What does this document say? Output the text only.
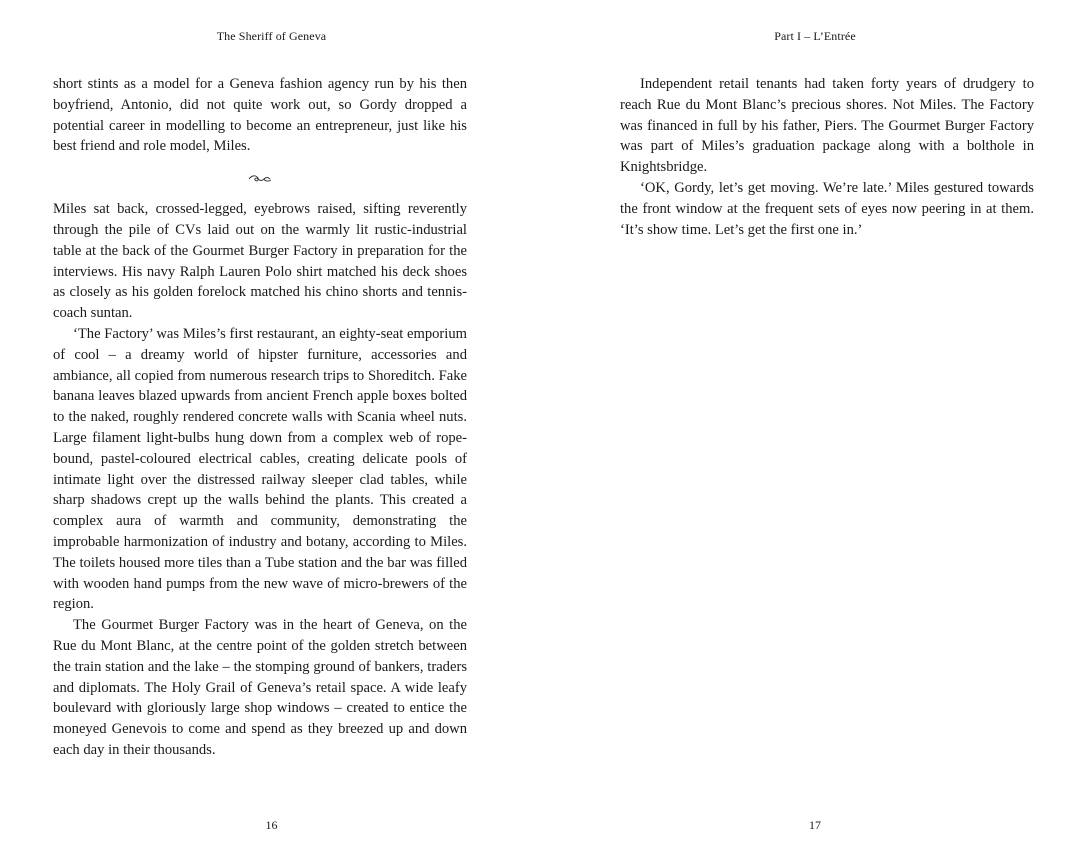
The Sheriff of Geneva

short stints as a model for a Geneva fashion agency run by his then boyfriend, Antonio, did not quite work out, so Gordy dropped a potential career in modelling to become an entrepreneur, just like his best friend and role model, Miles.

Miles sat back, crossed-legged, eyebrows raised, sifting reverently through the pile of CVs laid out on the warmly lit rustic-industrial table at the back of the Gourmet Burger Factory in preparation for the interviews. His navy Ralph Lauren Polo shirt matched his deck shoes as closely as his golden forelock matched his chino shorts and tennis-coach suntan.

‘The Factory’ was Miles’s first restaurant, an eighty-seat emporium of cool – a dreamy world of hipster furniture, accessories and ambiance, all copied from numerous research trips to Shoreditch. Fake banana leaves blazed upwards from ancient French apple boxes bolted to the naked, roughly rendered concrete walls with Scania wheel nuts. Large filament light-bulbs hung down from a complex web of rope-bound, pastel-coloured electrical cables, creating delicate pools of intimate light over the distressed railway sleeper clad tables, while sharp shadows crept up the walls behind the plants. This created a complex aura of warmth and community, demonstrating the improbable harmonization of industry and botany, according to Miles. The toilets housed more tiles than a Tube station and the bar was filled with wooden hand pumps from the new wave of micro-brewers of the region.

The Gourmet Burger Factory was in the heart of Geneva, on the Rue du Mont Blanc, at the centre point of the golden stretch between the train station and the lake – the stomping ground of bankers, traders and diplomats. The Holy Grail of Geneva’s retail space. A wide leafy boulevard with gloriously large shop windows – created to entice the moneyed Genevois to come and spend as they breezed up and down each day in their thousands.

16
Part I – L’Entrée

Independent retail tenants had taken forty years of drudgery to reach Rue du Mont Blanc’s precious shores. Not Miles. The Factory was financed in full by his father, Piers. The Gourmet Burger Factory was part of Miles’s graduation package along with a bolthole in Knightsbridge.

‘OK, Gordy, let’s get moving. We’re late.’ Miles gestured towards the front window at the frequent sets of eyes now peering in at them. ‘It’s show time. Let’s get the first one in.’

17
